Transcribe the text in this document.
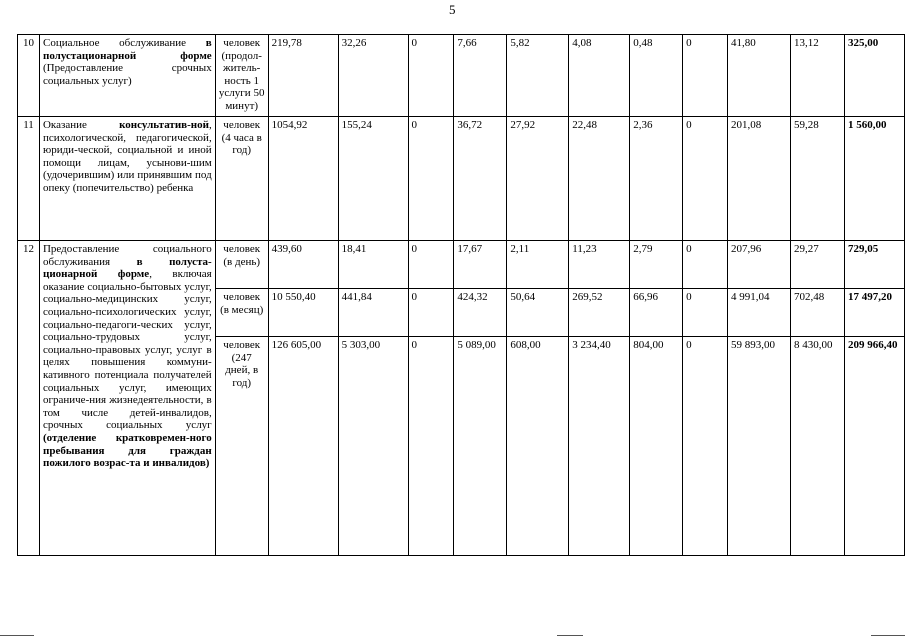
5
10	Социальное обслуживание в полустационарной форме (Предоставление срочных социальных услуг)	человек (продол-житель-ность 1 услуги 50 минут)	219,78	32,26	0	7,66	5,82	4,08	0,48	0	41,80	13,12	325,00
11	Оказание консультатив-ной, психологической, педагогической, юриди-ческой, социальной и иной помощи лицам, усынови-шим (удочерившим) или принявшим под опеку (попечительство) ребенка	человек (4 часа в год)	1054,92	155,24	0	36,72	27,92	22,48	2,36	0	201,08	59,28	1 560,00
12	Предоставление социального обслуживания в полуста-ционарной форме, включая оказание социально-бытовых услуг, социально-медицинских услуг, социально-психологических услуг, социально-педагоги-ческих услуг, социально-трудовых услуг, социально-правовых услуг, услуг в целях повышения коммуни-кативного потенциала получателей социальных услуг, имеющих ограниче-ния жизнедеятельности, в том числе детей-инвалидов, срочных социальных услуг (отделение кратковремен-ного пребывания для граждан пожилого возрас-та и инвалидов)	человек (в день)	439,60	18,41	0	17,67	2,11	11,23	2,79	0	207,96	29,27	729,05
		человек (в месяц)	10 550,40	441,84	0	424,32	50,64	269,52	66,96	0	4 991,04	702,48	17 497,20
		человек (247 дней, в год)	126 605,00	5 303,00	0	5 089,00	608,00	3 234,40	804,00	0	59 893,00	8 430,00	209 966,40
